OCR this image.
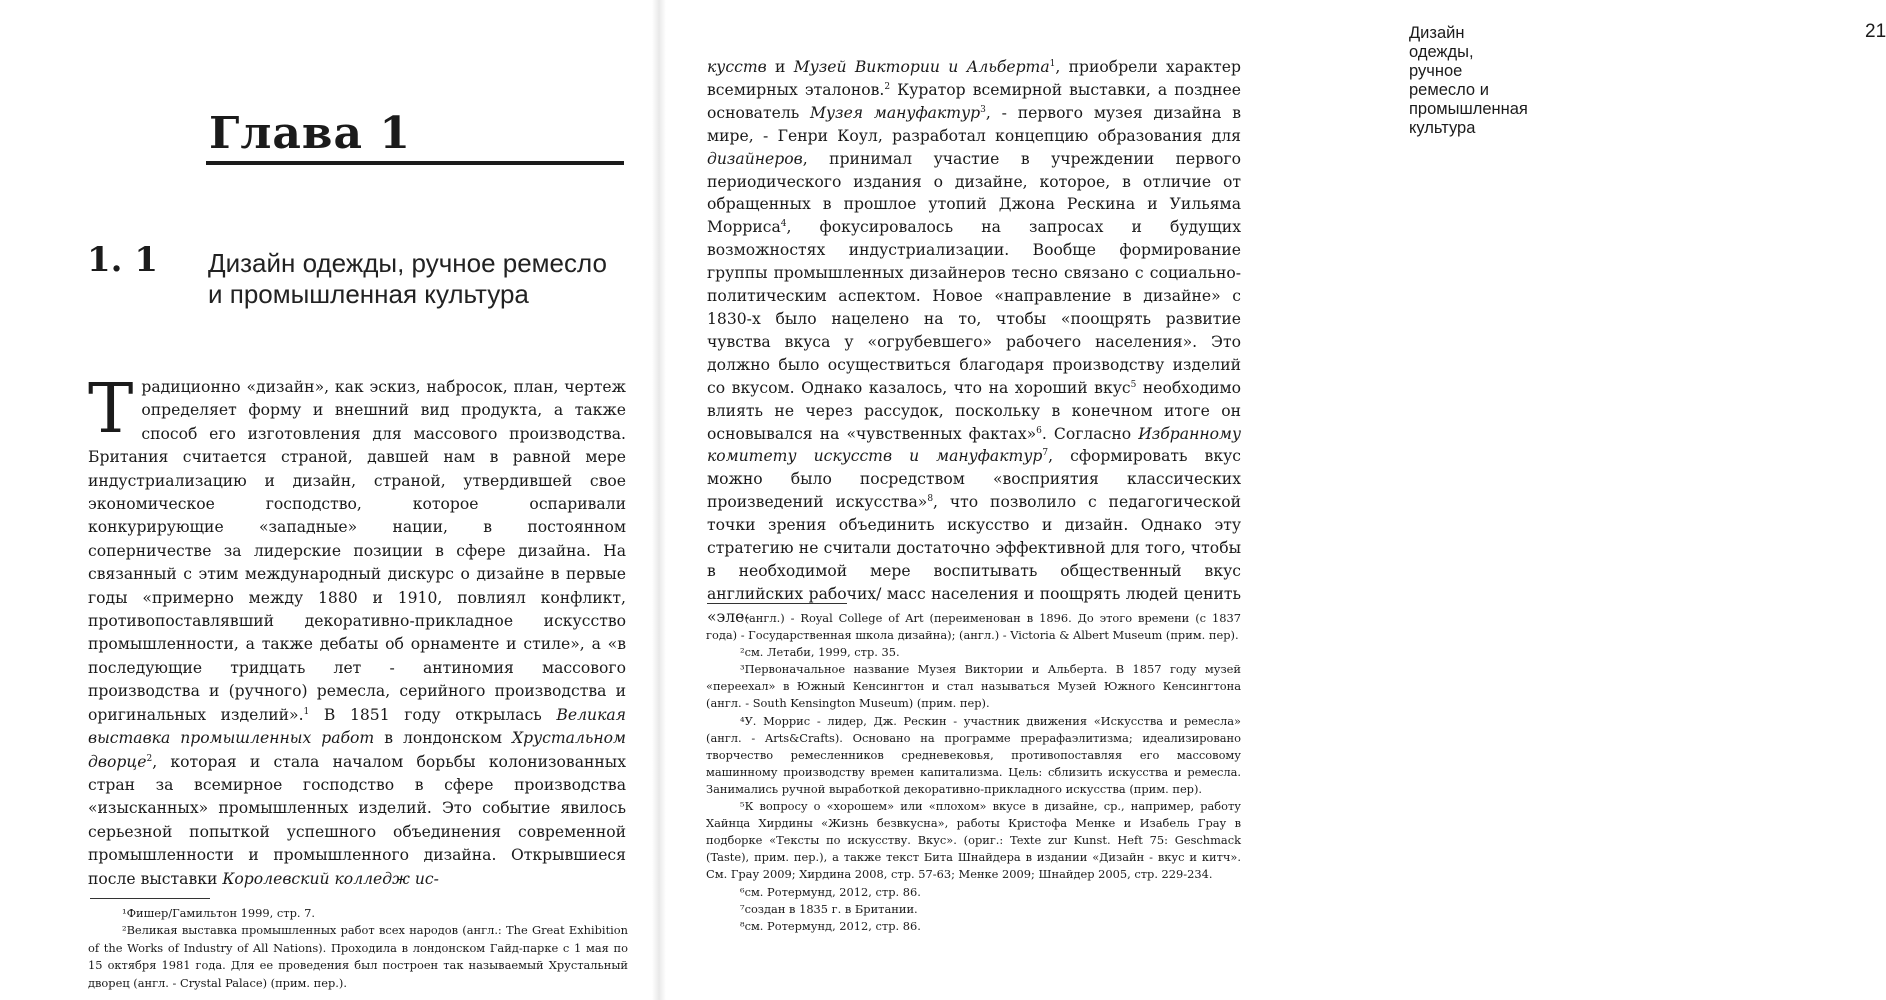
Глава 1
1. 1 Дизайн одежды, ручное ремесло и промышленная культура

Традиционно «дизайн», как эскиз, набросок, план, чертеж определяет форму и внешний вид продукта, а также способ его изготовления для массового производства. Британия считается страной, давшей нам в равной мере индустриализацию и дизайн, страной, утвердившей свое экономическое господство, которое оспаривали конкурирующие «западные» нации, в постоянном соперничестве за лидерские позиции в сфере дизайна. На связанный с этим международный дискурс о дизайне в первые годы «примерно между 1880 и 1910, повлиял конфликт, противопоставлявший декоративно-прикладное искусство промышленности, а также дебаты об орнаменте и стиле», а «в последующие тридцать лет - антиномия массового производства и (ручного) ремесла, серийного производства и оригинальных изделий».$^1$ В 1851 году открылась Великая выставка промышленных работ в лондонском Хрустальном дворце$^2$, которая и стала началом борьбы колонизованных стран за всемирное господство в сфере производства «изысканных» промышленных изделий. Это событие явилось серьезной попыткой успешного объединения современной промышленности и промышленного дизайна. Открывшиеся после выставки Королевский колледж ис-

¹Фишер/Гамильтон 1999, стр. 7.

²Великая выставка промышленных работ всех народов (англ.: The Great Exhibition of the Works of Industry of All Nations). Проходила в лондонском Гайд-парке с 1 мая по 15 октября 1981 года. Для ее проведения был построен так называемый Хрустальный дворец (англ. - Crystal Palace) (прим. пер.).

Дизайн одежды, ручное ремесло и промышленная культура
21

кусств и Музей Виктории и Альберта$^1$, приобрели характер всемирных эталонов.$^2$ Куратор всемирной выставки, а позднее основатель Музея мануфактур$^3$, - первого музея дизайна в мире, - Генри Коул, разработал концепцию образования для дизайнеров, принимал участие в учреждении первого периодического издания о дизайне, которое, в отличие от обращенных в прошлое утопий Джона Рескина и Уильяма Морриса$^4$, фокусировалось на запросах и будущих возможностях индустриализации. Вообще формирование группы промышленных дизайнеров тесно связано с социально-политическим аспектом. Новое «направление в дизайне» с 1830-х было нацелено на то, чтобы «поощрять развитие чувства вкуса у «огрубевшего» рабочего населения». Это должно было осуществиться благодаря производству изделий со вкусом. Однако казалось, что на хороший вкус$^5$ необходимо влиять не через рассудок, поскольку в конечном итоге он основывался на «чувственных фактах»$^6$. Согласно Избранному комитету искусств и мануфактур$^7$, сформировать вкус можно было посредством «восприятия классических произведений искусства»$^8$, что позволило с педагогической точки зрения объединить искусство и дизайн. Однако эту стратегию не считали достаточно эффективной для того, чтобы в необходимой мере воспитывать общественный вкус английских рабочих/ масс населения и поощрять людей ценить «эле-

¹(англ.) - Royal College of Art (переименован в 1896. До этого времени (с 1837 года) - Государственная школа дизайна); (англ.) - Victoria & Albert Museum (прим. пер).

²см. Летаби, 1999, стр. 35.

³Первоначальное название Музея Виктории и Альберта. В 1857 году музей «переехал» в Южный Кенсингтон и стал называться Музей Южного Кенсингтона (англ. - South Kensington Museum) (прим. пер).

⁴У. Моррис - лидер, Дж. Рескин - участник движения «Искусства и ремесла» (англ. - Arts&Crafts). Основано на программе прерафаэлитизма; идеализировано творчество ремесленников средневековья, противопоставляя его массовому машинному производству времен капитализма. Цель: сблизить искусства и ремесла. Занимались ручной выработкой декоративно-прикладного искусства (прим. пер).

⁵К вопросу о «хорошем» или «плохом» вкусе в дизайне, ср., например, работу Хайнца Хирдины «Жизнь безвкусна», работы Кристофа Менке и Изабель Грау в подборке «Тексты по искусству. Вкус». (ориг.: Texte zur Kunst. Heft 75: Geschmack (Taste), прим. пер.), а также текст Бита Шнайдера в издании «Дизайн - вкус и китч». См. Грау 2009; Хирдина 2008, стр. 57-63; Менке 2009; Шнайдер 2005, стр. 229-234.

⁶см. Ротермунд, 2012, стр. 86.

⁷создан в 1835 г. в Британии.

⁸см. Ротермунд, 2012, стр. 86.
